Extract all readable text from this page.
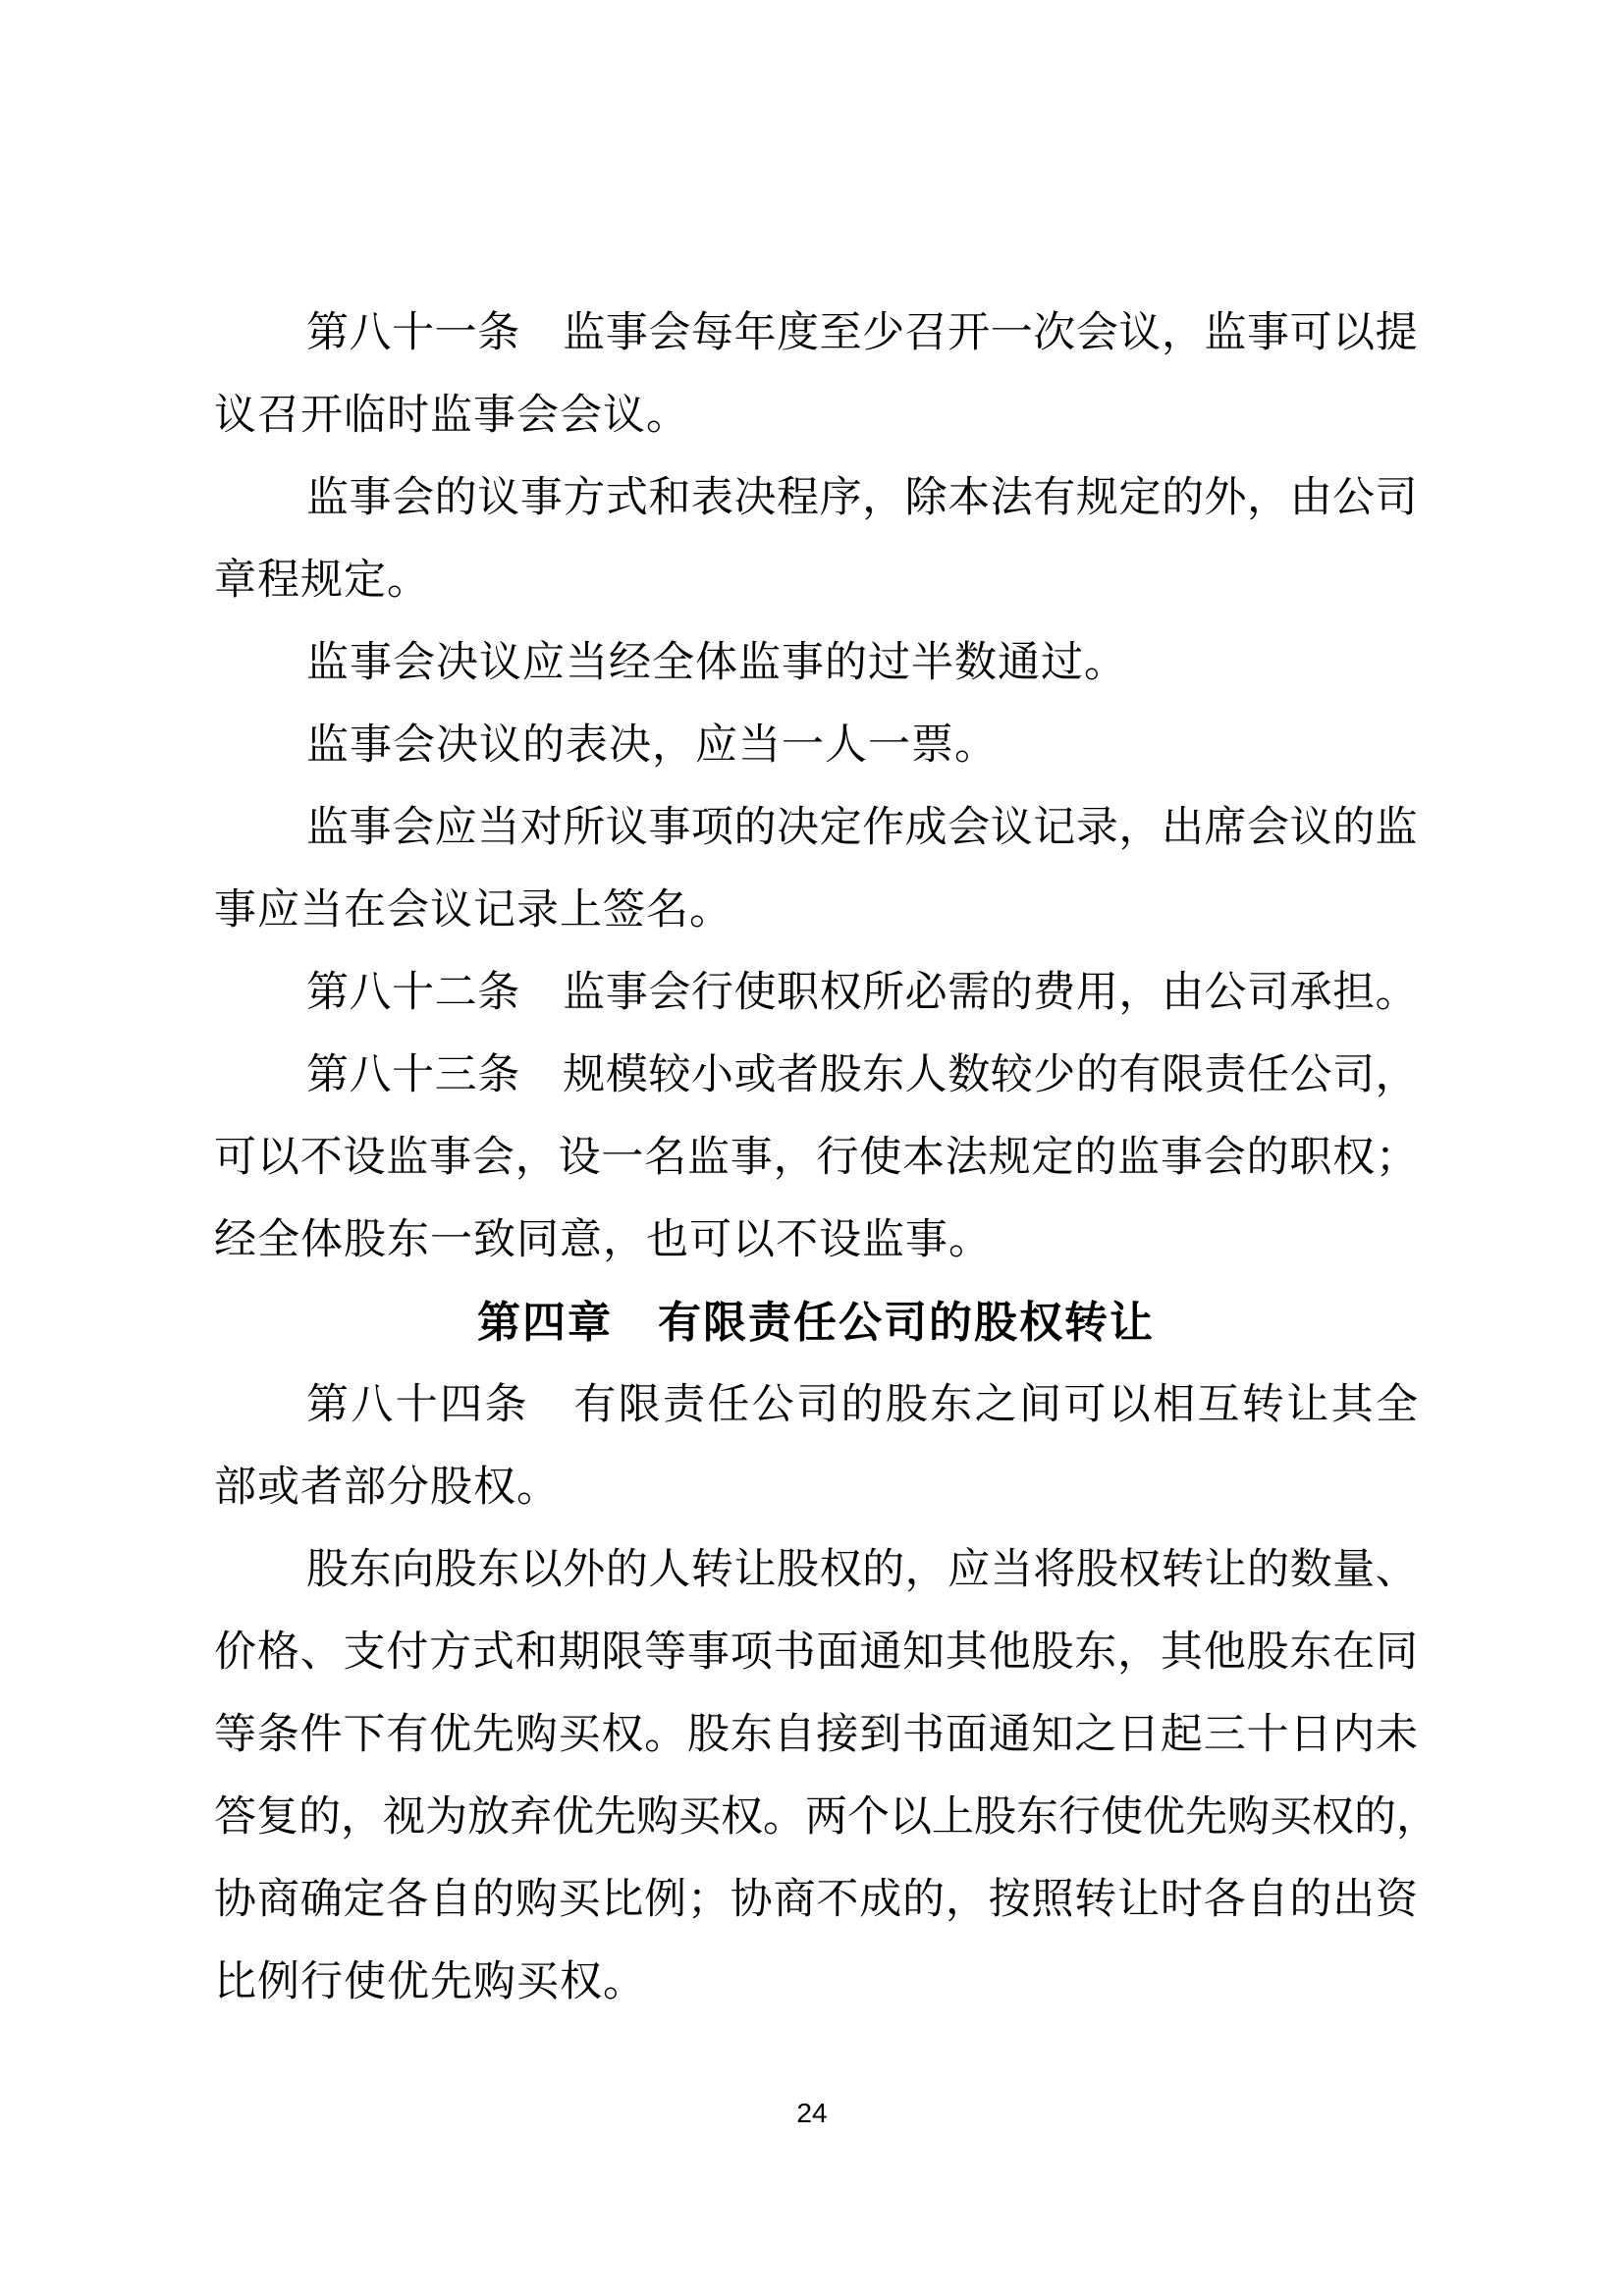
第 八 十 一 条
　 监 事 会 每 年 度 至 少 召 开 一 次 会 议 ， 监 事 可 以 提
议召开临时监事会会议。
监 事 会 的 议 事 方 式 和 表 决 程 序 ， 除 本 法 有 规 定 的 外 ， 由 公 司
章程规定。
监事会决议应当经全体监事的过半数通过。
监事会决议的表决，应当一人一票。
监 事 会 应 当 对 所 议 事 项 的 决 定 作 成 会 议 记 录 ， 出 席 会 议 的 监
事应当在会议记录上签名。
第 八 十 二 条
　 监 事 会 行 使 职 权 所 必 需 的 费 用 ， 由 公 司 承 担 。
第 八 十 三 条
　 规 模 较 小 或 者 股 东 人 数 较 少 的 有 限 责 任 公 司 ，
可 以 不 设 监 事 会 ， 设 一 名 监 事 ， 行 使 本 法 规 定 的 监 事 会 的 职 权 ；
经全体股东一致同意，也可以不设监事。
第四章　有限责任公司的股权转让
第 八 十 四 条
　 有 限 责 任 公 司 的 股 东 之 间 可 以 相 互 转 让 其 全
部或者部分股权。
股 东 向 股 东 以 外 的 人 转 让 股 权 的 ， 应 当 将 股 权 转 让 的 数 量 、
价 格 、 支 付 方 式 和 期 限 等 事 项 书 面 通 知 其 他 股 东 ， 其 他 股 东 在 同
等 条 件 下 有 优 先 购 买 权 。 股 东 自 接 到 书 面 通 知 之 日 起 三 十 日 内 未
答 复 的 ， 视 为 放 弃 优 先 购 买 权 。 两 个 以 上 股 东 行 使 优 先 购 买 权 的 ，
协 商 确 定 各 自 的 购 买 比 例 ； 协 商 不 成 的 ， 按 照 转 让 时 各 自 的 出 资
比例行使优先购买权。
24
